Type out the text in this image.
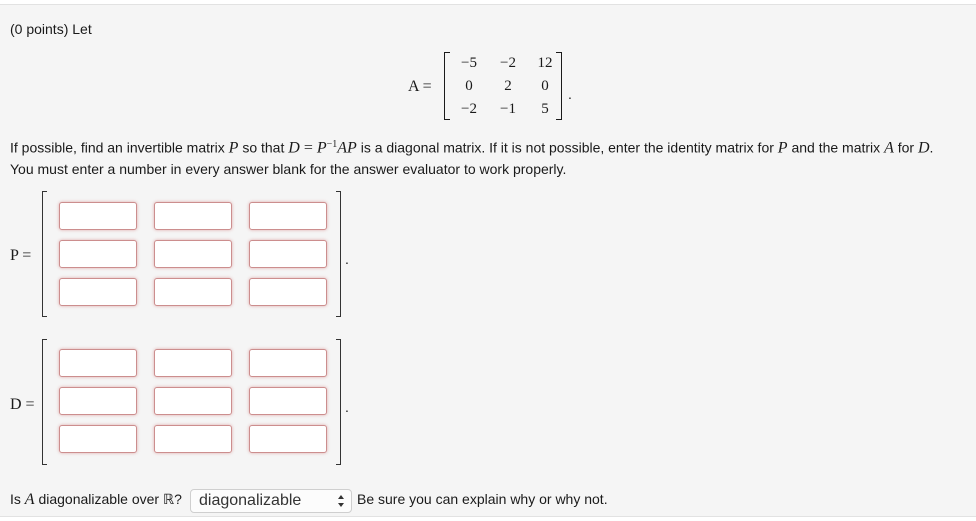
(0 points) Let
A =
−5	−2	12
0	2	0
−2	−1	5
.
If possible, find an invertible matrix P so that $D = P^{-1}AP$ is a diagonal matrix. If it is not possible, enter the identity matrix for P and the matrix A for D.
You must enter a number in every answer blank for the answer evaluator to work properly.
P =	.
D =	.
Is A diagonalizable over ℝ? diagonalizable	Be sure you can explain why or why not.
